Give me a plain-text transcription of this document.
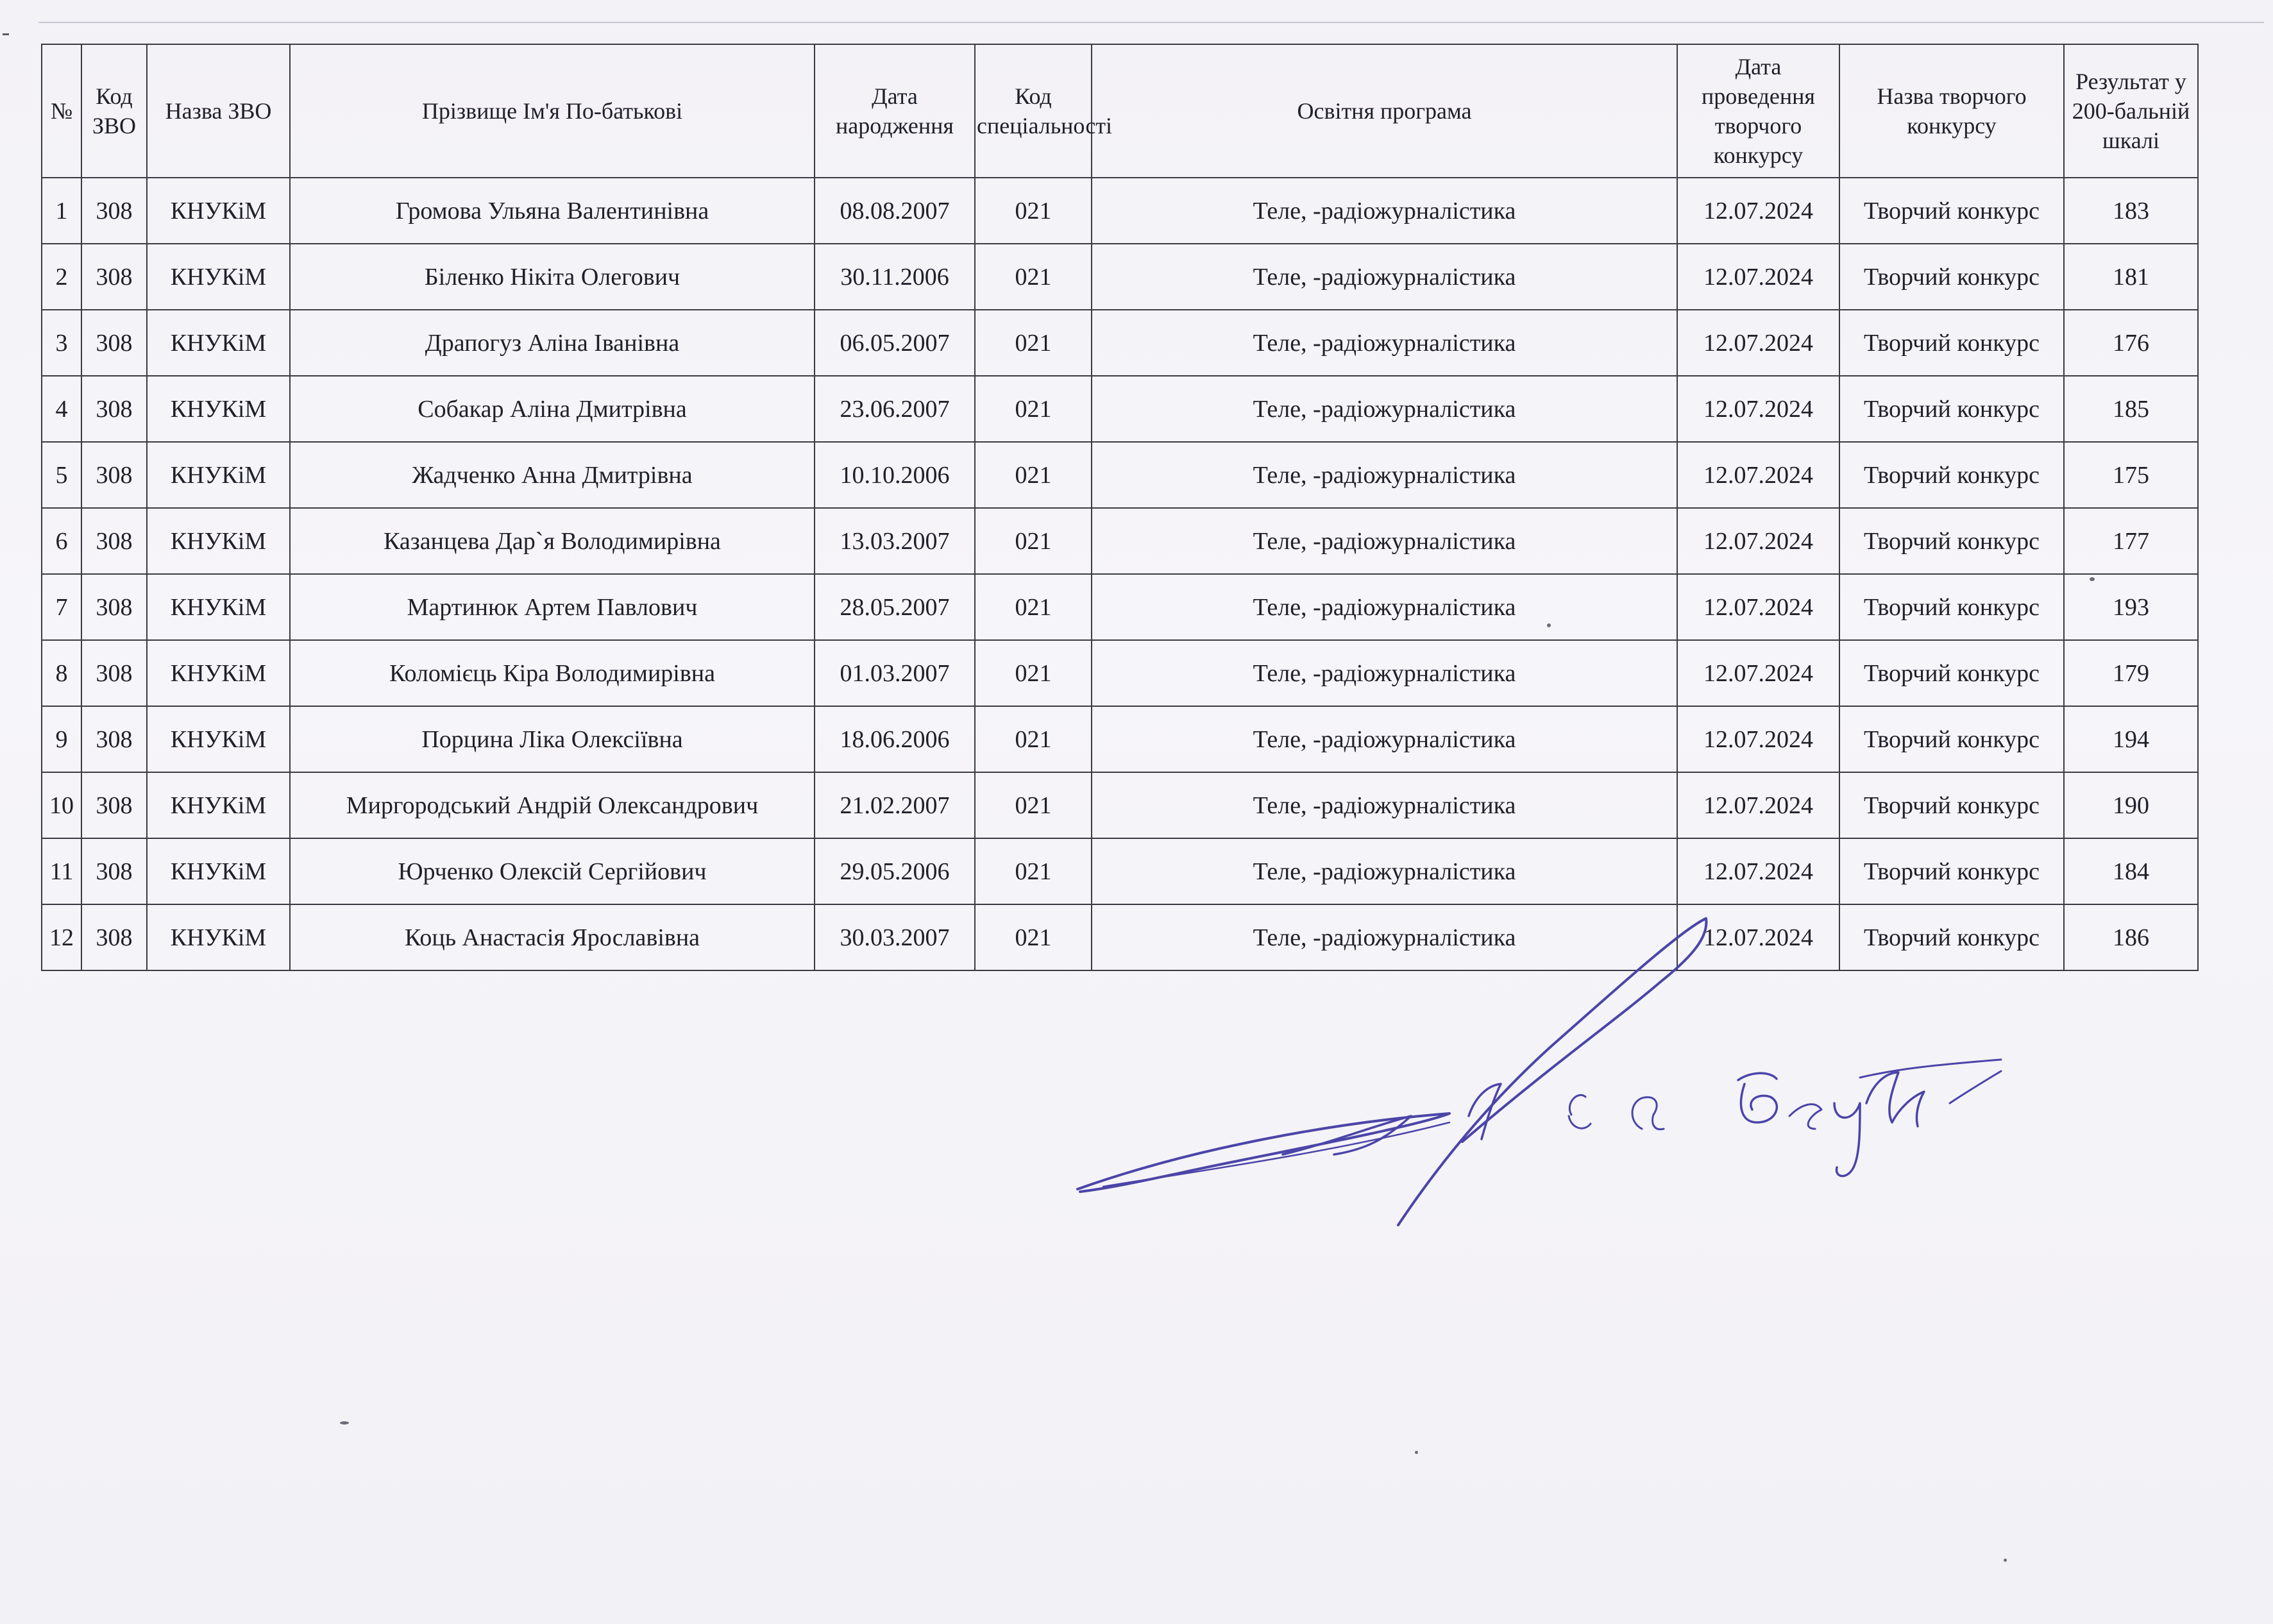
№	Код ЗВО	Назва ЗВО	Прізвище Ім'я По-батькові	Дата народження	Код спеціальності	Освітня програма	Дата проведення творчого конкурсу	Назва творчого конкурсу	Результат у 200-бальній шкалі
1	308	КНУКіМ	Громова Ульяна Валентинівна	08.08.2007	021	Теле, -радіожурналістика	12.07.2024	Творчий конкурс	183
2	308	КНУКіМ	Біленко Нікіта Олегович	30.11.2006	021	Теле, -радіожурналістика	12.07.2024	Творчий конкурс	181
3	308	КНУКіМ	Драпогуз Аліна Іванівна	06.05.2007	021	Теле, -радіожурналістика	12.07.2024	Творчий конкурс	176
4	308	КНУКіМ	Собакар Аліна Дмитрівна	23.06.2007	021	Теле, -радіожурналістика	12.07.2024	Творчий конкурс	185
5	308	КНУКіМ	Жадченко Анна Дмитрівна	10.10.2006	021	Теле, -радіожурналістика	12.07.2024	Творчий конкурс	175
6	308	КНУКіМ	Казанцева Дар`я Володимирівна	13.03.2007	021	Теле, -радіожурналістика	12.07.2024	Творчий конкурс	177
7	308	КНУКіМ	Мартинюк Артем Павлович	28.05.2007	021	Теле, -радіожурналістика	12.07.2024	Творчий конкурс	193
8	308	КНУКіМ	Коломієць Кіра Володимирівна	01.03.2007	021	Теле, -радіожурналістика	12.07.2024	Творчий конкурс	179
9	308	КНУКіМ	Порцина Ліка Олексіївна	18.06.2006	021	Теле, -радіожурналістика	12.07.2024	Творчий конкурс	194
10	308	КНУКіМ	Миргородський Андрій Олександрович	21.02.2007	021	Теле, -радіожурналістика	12.07.2024	Творчий конкурс	190
11	308	КНУКіМ	Юрченко Олексій Сергійович	29.05.2006	021	Теле, -радіожурналістика	12.07.2024	Творчий конкурс	184
12	308	КНУКіМ	Коць Анастасія Ярославівна	30.03.2007	021	Теле, -радіожурналістика	12.07.2024	Творчий конкурс	186
